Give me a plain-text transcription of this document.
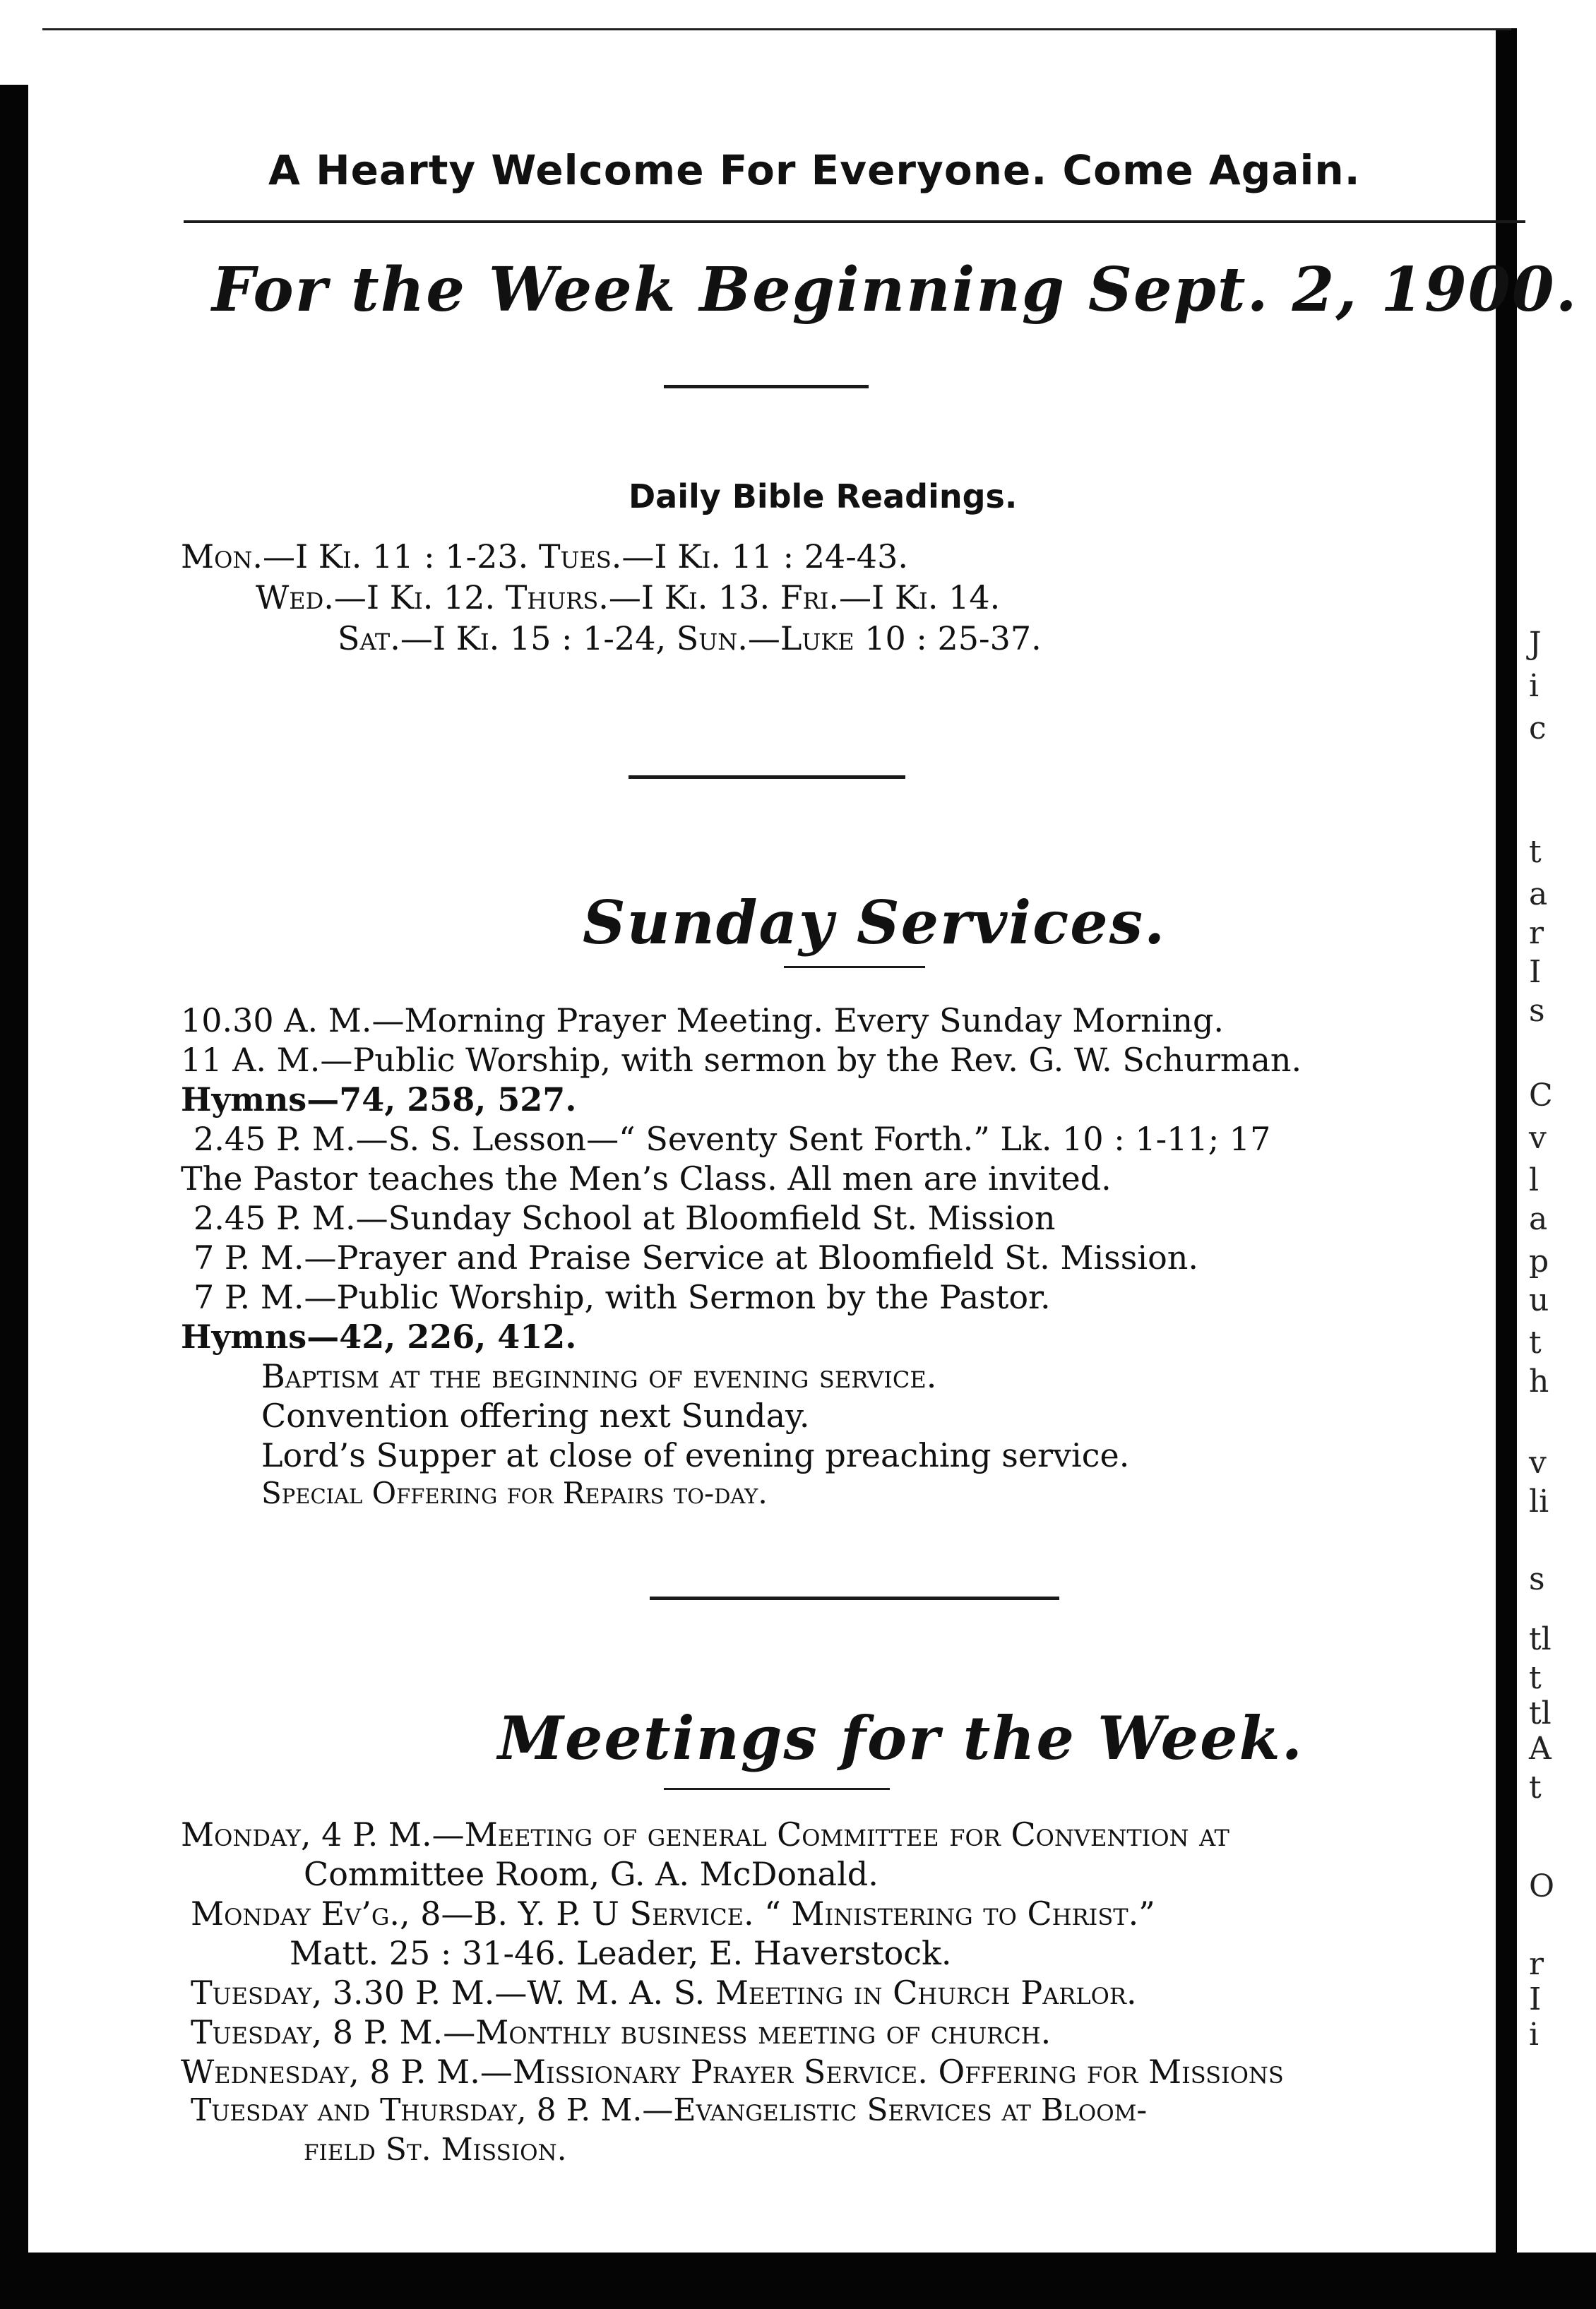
A Hearty Welcome For Everyone. Come Again.
For the Week Beginning Sept. 2, 1900.
Daily Bible Readings.
Mon.—I Ki. 11 : 1-23. Tues.—I Ki. 11 : 24-43.
Wed.—I Ki. 12. Thurs.—I Ki. 13. Fri.—I Ki. 14.
Sat.—I Ki. 15 : 1-24, Sun.—Luke 10 : 25-37.
Sunday Services.
10.30 A. M.—Morning Prayer Meeting. Every Sunday Morning.
11 A. M.—Public Worship, with sermon by the Rev. G. W. Schurman.
Hymns—74, 258, 527.
2.45 P. M.—S. S. Lesson—“ Seventy Sent Forth.” Lk. 10 : 1-11; 17
The Pastor teaches the Men’s Class. All men are invited.
2.45 P. M.—Sunday School at Bloomfield St. Mission
7 P. M.—Prayer and Praise Service at Bloomfield St. Mission.
7 P. M.—Public Worship, with Sermon by the Pastor.
Hymns—42, 226, 412.
Baptism at the beginning of evening service.
Convention offering next Sunday.
Lord’s Supper at close of evening preaching service.
Special Offering for Repairs to-day.
Meetings for the Week.
Monday, 4 P. M.—Meeting of general Committee for Convention at
Committee Room, G. A. McDonald.
Monday Ev’g., 8—B. Y. P. U Service. “ Ministering to Christ.”
Matt. 25 : 31-46. Leader, E. Haverstock.
Tuesday, 3.30 P. M.—W. M. A. S. Meeting in Church Parlor.
Tuesday, 8 P. M.—Monthly business meeting of church.
Wednesday, 8 P. M.—Missionary Prayer Service. Offering for Missions
Tuesday and Thursday, 8 P. M.—Evangelistic Services at Bloom-
field St. Mission.
J
i
c
t
a
r
I
s
C
v
l
a
p
u
t
h
v
li
s
tl
t
tl
A
t
O
r
I
i
